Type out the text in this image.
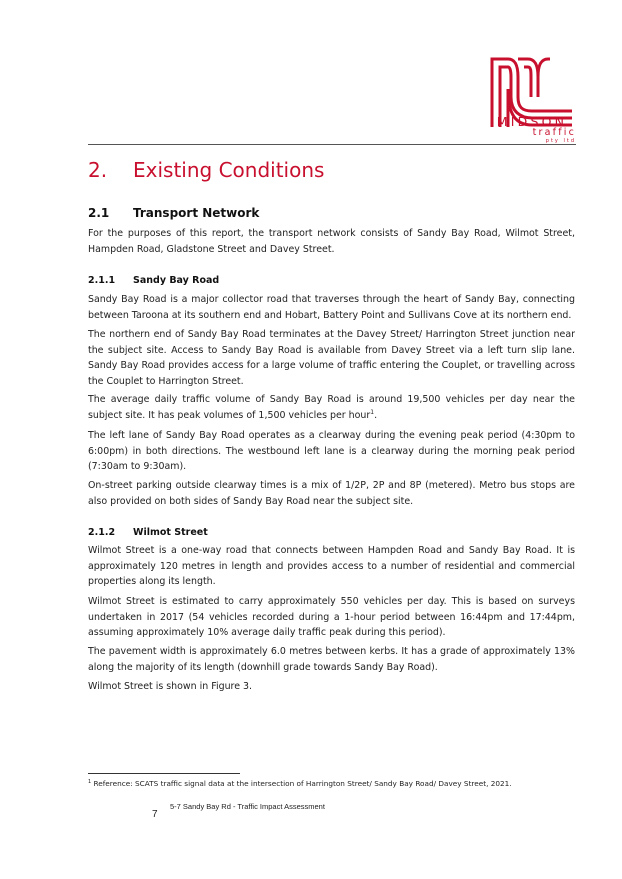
MIDSON
traffic
pty ltd
2. Existing Conditions
2.1 Transport Network
For the purposes of this report, the transport network consists of Sandy Bay Road, Wilmot Street, Hampden Road, Gladstone Street and Davey Street.
2.1.1 Sandy Bay Road
Sandy Bay Road is a major collector road that traverses through the heart of Sandy Bay, connecting between Taroona at its southern end and Hobart, Battery Point and Sullivans Cove at its northern end.
The northern end of Sandy Bay Road terminates at the Davey Street/ Harrington Street junction near the subject site. Access to Sandy Bay Road is available from Davey Street via a left turn slip lane. Sandy Bay Road provides access for a large volume of traffic entering the Couplet, or travelling across the Couplet to Harrington Street.
The average daily traffic volume of Sandy Bay Road is around 19,500 vehicles per day near the subject site. It has peak volumes of 1,500 vehicles per hour$^1$.
The left lane of Sandy Bay Road operates as a clearway during the evening peak period (4:30pm to 6:00pm) in both directions. The westbound left lane is a clearway during the morning peak period (7:30am to 9:30am).
On-street parking outside clearway times is a mix of 1/2P, 2P and 8P (metered). Metro bus stops are also provided on both sides of Sandy Bay Road near the subject site.
2.1.2 Wilmot Street
Wilmot Street is a one-way road that connects between Hampden Road and Sandy Bay Road. It is approximately 120 metres in length and provides access to a number of residential and commercial properties along its length.
Wilmot Street is estimated to carry approximately 550 vehicles per day. This is based on surveys undertaken in 2017 (54 vehicles recorded during a 1-hour period between 16:44pm and 17:44pm, assuming approximately 10% average daily traffic peak during this period).
The pavement width is approximately 6.0 metres between kerbs. It has a grade of approximately 13% along the majority of its length (downhill grade towards Sandy Bay Road).
Wilmot Street is shown in Figure 3.
$^1$ Reference: SCATS traffic signal data at the intersection of Harrington Street/ Sandy Bay Road/ Davey Street, 2021.
5-7 Sandy Bay Rd - Traffic Impact Assessment
7
